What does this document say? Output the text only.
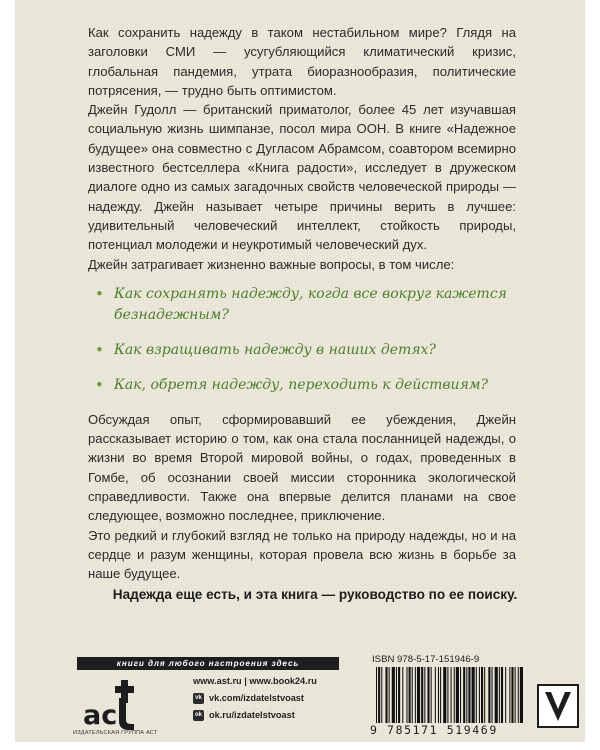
Как сохранить надежду в таком нестабильном мире? Глядя на заголовки СМИ — усугубляющийся климатический кризис, глобальная пандемия, утрата биоразнообразия, политические потрясения, — трудно быть оптимистом.

Джейн Гудолл — британский приматолог, более 45 лет изучавшая социальную жизнь шимпанзе, посол мира ООН. В книге «Надежное будущее» она совместно с Дугласом Абрамсом, соавтором всемирно известного бестселлера «Книга радости», исследует в дружеском диалоге одно из самых загадочных свойств человеческой природы — надежду. Джейн называет четыре причины верить в лучшее: удивительный человеческий интеллект, стойкость природы, потенциал молодежи и неукротимый человеческий дух.

Джейн затрагивает жизненно важные вопросы, в том числе:

• Как сохранять надежду, когда все вокруг кажется безнадежным?
• Как взращивать надежду в наших детях?
• Как, обретя надежду, переходить к действиям?

Обсуждая опыт, сформировавший ее убеждения, Джейн рассказывает историю о том, как она стала посланницей надежды, о жизни во время Второй мировой войны, о годах, проведенных в Гомбе, об осознании своей миссии сторонника экологической справедливости. Также она впервые делится планами на свое следующее, возможно последнее, приключение.

Это редкий и глубокий взгляд не только на природу надежды, но и на сердце и разум женщины, которая провела всю жизнь в борьбе за наше будущее.

Надежда еще есть, и эта книга — руководство по ее поиску.
книги для любого настроения здесь
ac
ИЗДАТЕЛЬСКАЯ ГРУППА АСТ
www.ast.ru | www.book24.ru
vk vk.com/izdatelstvoast
ok ok.ru/izdatelstvoast
ISBN 978-5-17-151946-9
9 785171 519469
